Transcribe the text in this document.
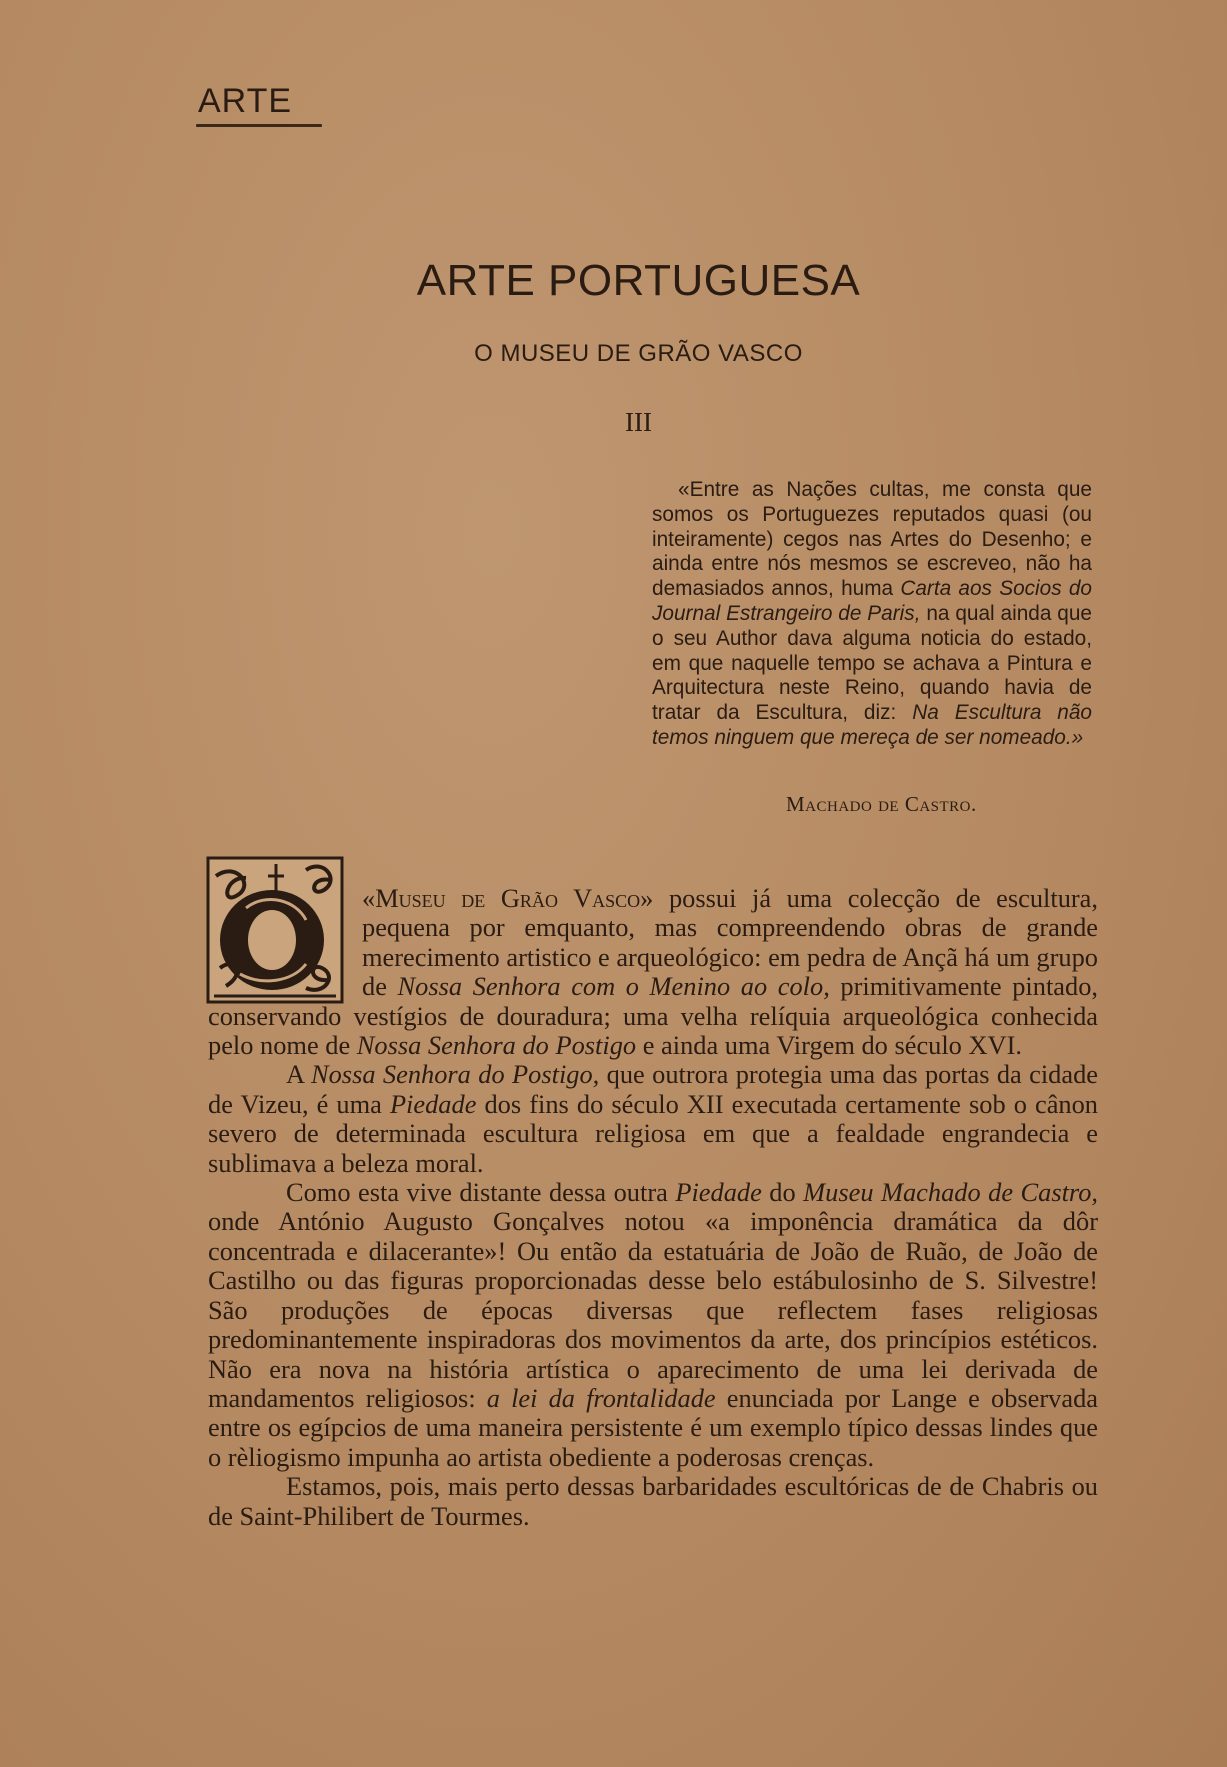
ARTE
ARTE PORTUGUESA
O MUSEU DE GRÃO VASCO
III

«Entre as Nações cultas, me consta que somos os Portuguezes reputados quasi (ou inteiramente) cegos nas Artes do Desenho; e ainda entre nós mesmos se escreveo, não ha demasiados annos, huma Carta aos Socios do Journal Estrangeiro de Paris, na qual ainda que o seu Author dava alguma noticia do estado, em que naquelle tempo se achava a Pintura e Arquitectura neste Reino, quando havia de tratar da Escultura, diz: Na Escultura não temos ninguem que mereça de ser nomeado.»

Machado de Castro.

«Museu de Grão Vasco» possui já uma colecção de escultura, pequena por emquanto, mas compreendendo obras de grande merecimento artistico e arqueológico: em pedra de Ançã há um grupo de Nossa Senhora com o Menino ao colo, primitivamente pintado, conservando vestígios de douradura; uma velha relíquia arqueológica conhecida pelo nome de Nossa Senhora do Postigo e ainda uma Virgem do século XVI.

A Nossa Senhora do Postigo, que outrora protegia uma das portas da cidade de Vizeu, é uma Piedade dos fins do século XII executada certamente sob o cânon severo de determinada escultura religiosa em que a fealdade engrandecia e sublimava a beleza moral.

Como esta vive distante dessa outra Piedade do Museu Machado de Castro, onde António Augusto Gonçalves notou «a imponência dramática da dôr concentrada e dilacerante»! Ou então da estatuária de João de Ruão, de João de Castilho ou das figuras proporcionadas desse belo estábulosinho de S. Silvestre! São produções de épocas diversas que reflectem fases religiosas predominantemente inspiradoras dos movimentos da arte, dos princípios estéticos. Não era nova na história artística o aparecimento de uma lei derivada de mandamentos religiosos: a lei da frontalidade enunciada por Lange e observada entre os egípcios de uma maneira persistente é um exemplo típico dessas lindes que o rèliogismo impunha ao artista obediente a poderosas crenças.

Estamos, pois, mais perto dessas barbaridades escultóricas de de Chabris ou de Saint-Philibert de Tourmes.
